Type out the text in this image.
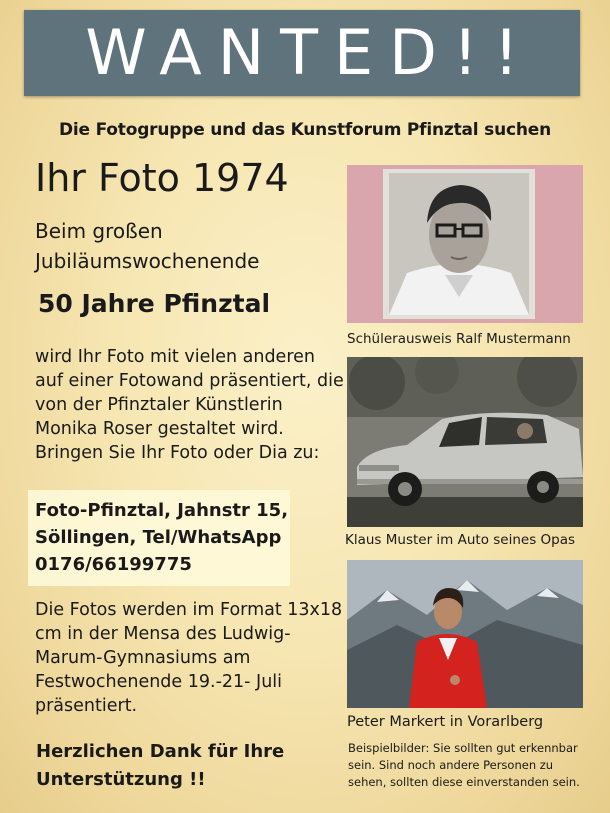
WANTED!!
Die Fotogruppe und das Kunstforum Pfinztal suchen
Ihr Foto 1974
Beim großen
Jubiläumswochenende
50 Jahre Pfinztal
wird Ihr Foto mit vielen anderen auf einer Fotowand präsentiert, die von der Pfinztaler Künstlerin Monika Roser gestaltet wird. Bringen Sie Ihr Foto oder Dia zu:
Foto-Pfinztal, Jahnstr 15,
Söllingen, Tel/WhatsApp
0176/66199775
Die Fotos werden im Format 13x18 cm in der Mensa des Ludwig-Marum-Gymnasiums am Festwochenende 19.-21- Juli präsentiert.
Herzlichen Dank für Ihre
Unterstützung !!
Schülerausweis Ralf Mustermann
Klaus Muster im Auto seines Opas
Peter Markert in Vorarlberg
Beispielbilder: Sie sollten gut erkennbar sein. Sind noch andere Personen zu sehen, sollten diese einverstanden sein.
